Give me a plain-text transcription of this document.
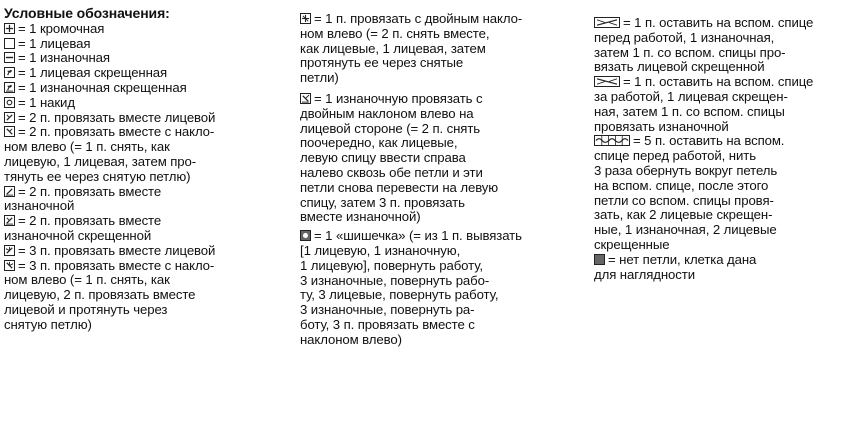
Условные обозначения:
= 1 кромочная
= 1 лицевая
= 1 изнаночная
= 1 лицевая скрещенная
= 1 изнаночная скрещенная
= 1 накид
= 2 п. провязать вместе лицевой
= 2 п. провязать вместе с накло-
ном влево (= 1 п. снять, как
лицевую, 1 лицевая, затем про-
тянуть ее через снятую петлю)
= 2 п. провязать вместе
изнаночной
= 2 п. провязать вместе
изнаночной скрещенной
= 3 п. провязать вместе лицевой
= 3 п. провязать вместе с накло-
ном влево (= 1 п. снять, как
лицевую, 2 п. провязать вместе
лицевой и протянуть через
снятую петлю)
= 1 п. провязать с двойным накло-
ном влево (= 2 п. снять вместе,
как лицевые, 1 лицевая, затем
протянуть ее через снятые
петли)
= 1 изнаночную провязать с
двойным наклоном влево на
лицевой стороне (= 2 п. снять
поочередно, как лицевые,
левую спицу ввести справа
налево сквозь обе петли и эти
петли снова перевести на левую
спицу, затем 3 п. провязать
вместе изнаночной)
= 1 «шишечка» (= из 1 п. вывязать
[1 лицевую, 1 изнаночную,
1 лицевую], повернуть работу,
3 изнаночные, повернуть рабо-
ту, 3 лицевые, повернуть работу,
3 изнаночные, повернуть ра-
боту, 3 п. провязать вместе с
наклоном влево)
= 1 п. оставить на вспом. спице
перед работой, 1 изнаночная,
затем 1 п. со вспом. спицы про-
вязать лицевой скрещенной
= 1 п. оставить на вспом. спице
за работой, 1 лицевая скрещен-
ная, затем 1 п. со вспом. спицы
провязать изнаночной
= 5 п. оставить на вспом.
спице перед работой, нить
3 раза обернуть вокруг петель
на вспом. спице, после этого
петли со вспом. спицы провя-
зать, как 2 лицевые скрещен-
ные, 1 изнаночная, 2 лицевые
скрещенные
= нет петли, клетка дана
для наглядности
